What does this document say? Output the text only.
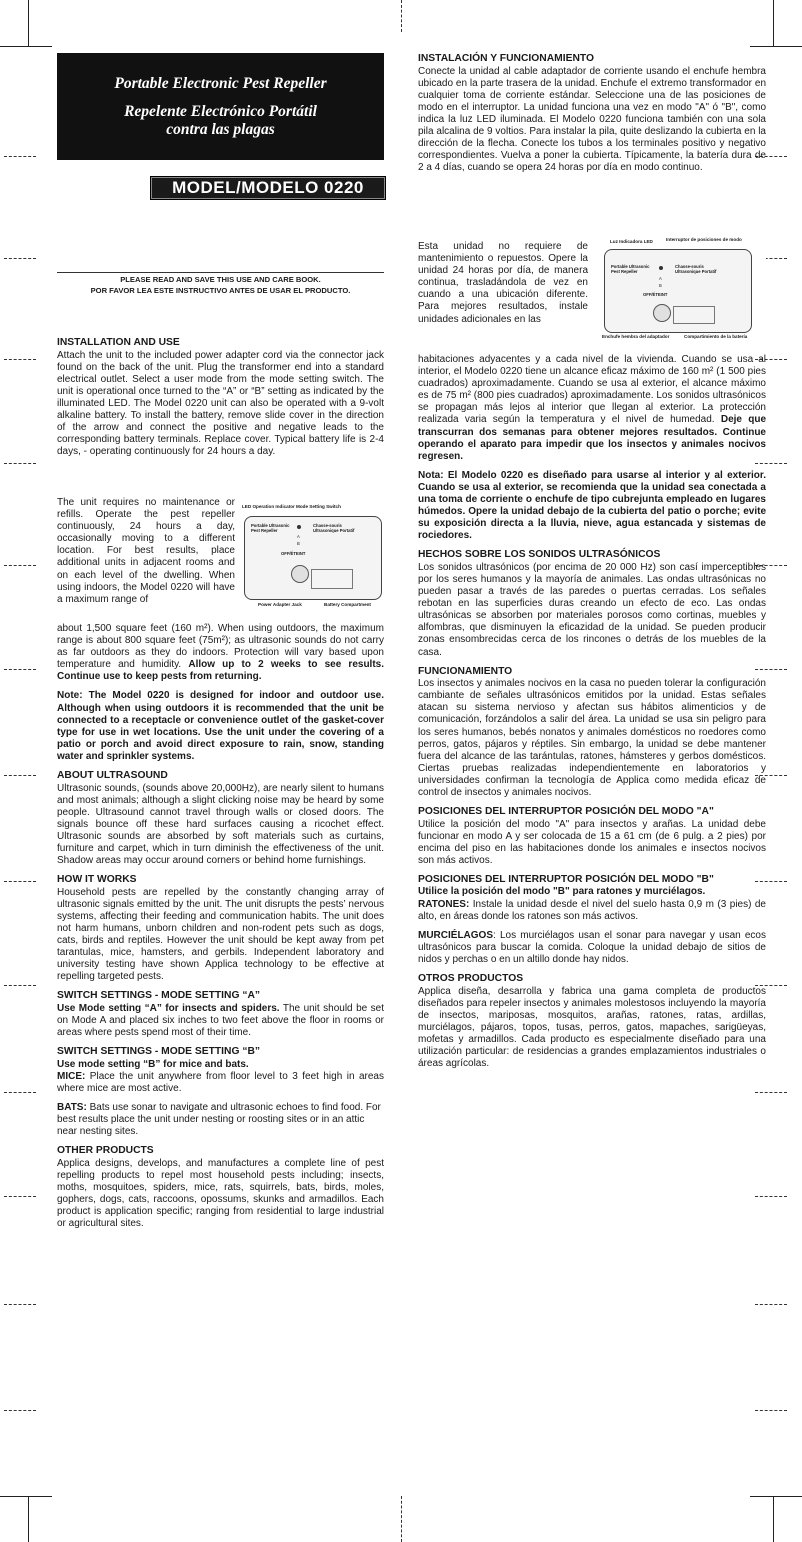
Portable Electronic Pest Repeller
Repelente Electrónico Portátil
contra las plagas
MODEL/MODELO 0220
PLEASE READ AND SAVE THIS USE AND CARE BOOK.
POR FAVOR LEA ESTE INSTRUCTIVO ANTES DE USAR EL PRODUCTO.
INSTALLATION AND USE

Attach the unit to the included power adapter cord via the connector jack found on the back of the unit. Plug the transformer end into a standard electrical outlet. Select a user mode from the mode setting switch. The unit is operational once turned to the “A” or “B” setting as indicated by the illuminated LED. The Model 0220 unit can also be operated with a 9-volt alkaline battery. To install the battery, remove slide cover in the direction of the arrow and connect the positive and negative leads to the corresponding battery terminals. Replace cover. Typical battery life is 2-4 days, - operating continuously for 24 hours a day.

The unit requires no maintenance or refills. Operate the pest repeller continuously, 24 hours a day, occasionally moving to a different location. For best results, place additional units in adjacent rooms and on each level of the dwelling. When using indoors, the Model 0220 will have a maximum range of

LED Operation Indicator Mode Setting Switch
Portable Ultrasonic Pest Repeller
Chasse-souris Ultrasonique Portatif
A
B
OFF/ÉTEINT
Power Adapter Jack	Battery Compartment

about 1,500 square feet (160 m²). When using outdoors, the maximum range is about 800 square feet (75m²); as ultrasonic sounds do not carry as far outdoors as they do indoors. Protection will vary based upon temperature and humidity. Allow up to 2 weeks to see results. Continue use to keep pests from returning.

Note: The Model 0220 is designed for indoor and outdoor use. Although when using outdoors it is recommended that the unit be connected to a receptacle or convenience outlet of the gasket-cover type for use in wet locations. Use the unit under the covering of a patio or porch and avoid direct exposure to rain, snow, standing water and sprinkler systems.

ABOUT ULTRASOUND

Ultrasonic sounds, (sounds above 20,000Hz), are nearly silent to humans and most animals; although a slight clicking noise may be heard by some people. Ultrasound cannot travel through walls or closed doors. The signals bounce off these hard surfaces causing a ricochet effect. Ultrasonic sounds are absorbed by soft materials such as curtains, furniture and carpet, which in turn diminish the effectiveness of the unit. Shadow areas may occur around corners or behind home furnishings.

HOW IT WORKS

Household pests are repelled by the constantly changing array of ultrasonic signals emitted by the unit. The unit disrupts the pests’ nervous systems, affecting their feeding and communication habits. The unit does not harm humans, unborn children and non-rodent pets such as dogs, cats, birds and reptiles. However the unit should be kept away from pet tarantulas, mice, hamsters, and gerbils. Independent laboratory and university testing have shown Applica technology to be effective at repelling targeted pests.

SWITCH SETTINGS - MODE SETTING “A”

Use Mode setting “A” for insects and spiders. The unit should be set on Mode A and placed six inches to two feet above the floor in rooms or areas where pests spend most of their time.

SWITCH SETTINGS - MODE SETTING “B”
Use mode setting “B” for mice and bats.

MICE: Place the unit anywhere from floor level to 3 feet high in areas where mice are most active.

BATS: Bats use sonar to navigate and ultrasonic echoes to find food. For best results place the unit under nesting or roosting sites or in an attic near nesting sites.

OTHER PRODUCTS

Applica designs, develops, and manufactures a complete line of pest repelling products to repel most household pests including; insects, moths, mosquitoes, spiders, mice, rats, squirrels, bats, birds, moles, gophers, dogs, cats, raccoons, opossums, skunks and armadillos. Each product is application specific; ranging from residential to large industrial or agricultural sites.

INSTALACIÓN Y FUNCIONAMIENTO

Conecte la unidad al cable adaptador de corriente usando el enchufe hembra ubicado en la parte trasera de la unidad. Enchufe el extremo transformador en cualquier toma de corriente estándar. Seleccione una de las posiciones de modo en el interruptor. La unidad funciona una vez en modo "A" ó "B", como indica la luz LED iluminada. El Modelo 0220 funciona también con una sola pila alcalina de 9 voltios. Para instalar la pila, quite deslizando la cubierta en la dirección de la flecha. Conecte los tubos a los terminales positivo y negativo correspondientes. Vuelva a poner la cubierta. Típicamente, la batería dura de 2 a 4 días, cuando se opera 24 horas por día en modo continuo.

Esta unidad no requiere de mantenimiento o repuestos. Opere la unidad 24 horas por día, de manera continua, trasladándola de vez en cuando a una ubicación diferente. Para mejores resultados, instale unidades adicionales en las

Luz Indicadora LED	Interruptor de posiciones de modo
Portable Ultrasonic Pest Repeller
Chasse-souris Ultrasonique Portatif
A
B
OFF/ÉTEINT
Enchufe hembra del adaptador	Compartimiento de la batería

habitaciones adyacentes y a cada nivel de la vivienda. Cuando se usa al interior, el Modelo 0220 tiene un alcance eficaz máximo de 160 m² (1 500 pies cuadrados) aproximadamente. Cuando se usa al exterior, el alcance máximo es de 75 m² (800 pies cuadrados) aproximadamente. Los sonidos ultrasónicos se propagan más lejos al interior que llegan al exterior. La protección realizada varia según la temperatura y el nivel de humedad. Deje que transcurran dos semanas para obtener mejores resultados. Continue operando el aparato para impedir que los insectos y animales nocivos regresen.

Nota: El Modelo 0220 es diseñado para usarse al interior y al exterior. Cuando se usa al exterior, se recomienda que la unidad sea conectada a una toma de corriente o enchufe de tipo cubrejunta empleado en lugares húmedos. Opere la unidad debajo de la cubierta del patio o porche; evite su exposición directa a la lluvia, nieve, agua estancada y sistemas de rociedores.

HECHOS SOBRE LOS SONIDOS ULTRASÓNICOS

Los sonidos ultrasónicos (por encima de 20 000 Hz) son casí imperceptibles por los seres humanos y la mayoría de animales. Las ondas ultrasónicas no pueden pasar a través de las paredes o puertas cerradas. Los señales rebotan en las superficies duras creando un efecto de eco. Las ondas ultrasónicas se absorben por materiales porosos como cortinas, muebles y alfombras, que disminuyen la eficazidad de la unidad. Se pueden producir zonas ensombrecidas cerca de los rincones o detrás de los muebles de la casa.

FUNCIONAMIENTO

Los insectos y animales nocivos en la casa no pueden tolerar la configuración cambiante de señales ultrasónicos emitidos por la unidad. Estas señales atacan su sistema nervioso y afectan sus hábitos alimenticios y de comunicación, forzándolos a salir del área. La unidad se usa sin peligro para los seres humanos, bebés nonatos y animales domésticos no roedores como perros, gatos, pájaros y réptiles. Sin embargo, la unidad se debe mantener fuera del alcance de las tarántulas, ratones, hámsteres y gerbos domésticos. Ciertas pruebas realizadas independientemente en laboratorios y universidades confirman la tecnología de Applica como medida eficaz de control de insectos y animales nocivos.

POSICIONES DEL INTERRUPTOR POSICIÓN DEL MODO "A"

Utilice la posición del modo "A" para insectos y arañas. La unidad debe funcionar en modo A y ser colocada de 15 a 61 cm (de 6 pulg. a 2 pies) por encima del piso en las habitaciones donde los animales e insectos nocivos son más activos.

POSICIONES DEL INTERRUPTOR POSICIÓN DEL MODO "B"
Utilice la posición del modo "B" para ratones y murciélagos.

RATONES: Instale la unidad desde el nivel del suelo hasta 0,9 m (3 pies) de alto, en áreas donde los ratones son más activos.

MURCIÉLAGOS: Los murciélagos usan el sonar para navegar y usan ecos ultrasónicos para buscar la comida. Coloque la unidad debajo de sitios de nidos y perchas o en un altillo donde hay nidos.

OTROS PRODUCTOS

Applica diseña, desarrolla y fabrica una gama completa de productos diseñados para repeler insectos y animales molestosos incluyendo la mayoría de insectos, mariposas, mosquitos, arañas, ratones, ratas, ardillas, murciélagos, pájaros, topos, tusas, perros, gatos, mapaches, sarigüeyas, mofetas y armadillos. Cada producto es especialmente diseñado para una utilización particular: de residencias a grandes emplazamientos industriales o áreas agrícolas.
